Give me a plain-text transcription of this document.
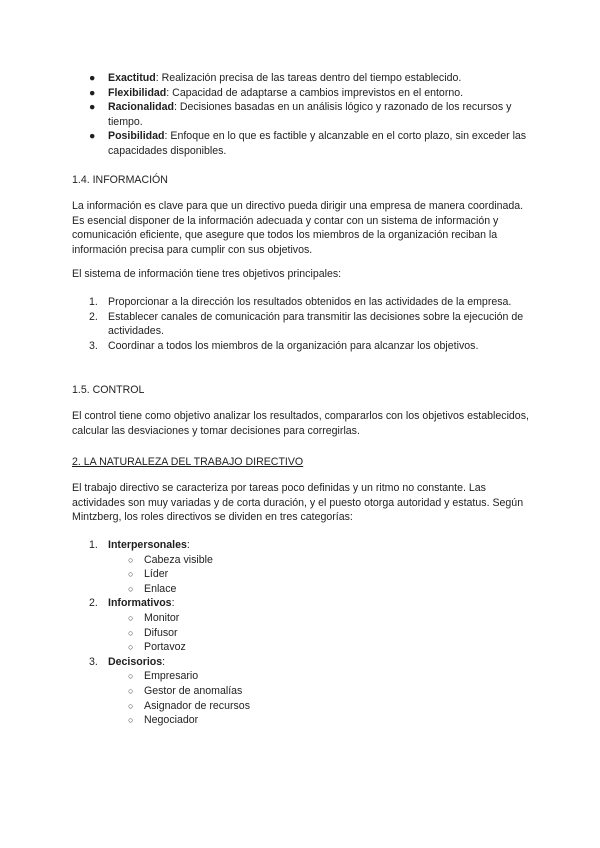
● Exactitud: Realización precisa de las tareas dentro del tiempo establecido.
● Flexibilidad: Capacidad de adaptarse a cambios imprevistos en el entorno.
● Racionalidad: Decisiones basadas en un análisis lógico y razonado de los recursos y tiempo.
● Posibilidad: Enfoque en lo que es factible y alcanzable en el corto plazo, sin exceder las capacidades disponibles.
1.4. INFORMACIÓN

La información es clave para que un directivo pueda dirigir una empresa de manera coordinada. Es esencial disponer de la información adecuada y contar con un sistema de información y comunicación eficiente, que asegure que todos los miembros de la organización reciban la información precisa para cumplir con sus objetivos.

El sistema de información tiene tres objetivos principales:

1. Proporcionar a la dirección los resultados obtenidos en las actividades de la empresa.
2. Establecer canales de comunicación para transmitir las decisiones sobre la ejecución de actividades.
3. Coordinar a todos los miembros de la organización para alcanzar los objetivos.
1.5. CONTROL

El control tiene como objetivo analizar los resultados, compararlos con los objetivos establecidos, calcular las desviaciones y tomar decisiones para corregirlas.

2. LA NATURALEZA DEL TRABAJO DIRECTIVO

El trabajo directivo se caracteriza por tareas poco definidas y un ritmo no constante. Las actividades son muy variadas y de corta duración, y el puesto otorga autoridad y estatus. Según Mintzberg, los roles directivos se dividen en tres categorías:

1. Interpersonales:
○ Cabeza visible
○ Líder
○ Enlace
2. Informativos:
○ Monitor
○ Difusor
○ Portavoz
3. Decisorios:
○ Empresario
○ Gestor de anomalías
○ Asignador de recursos
○ Negociador
